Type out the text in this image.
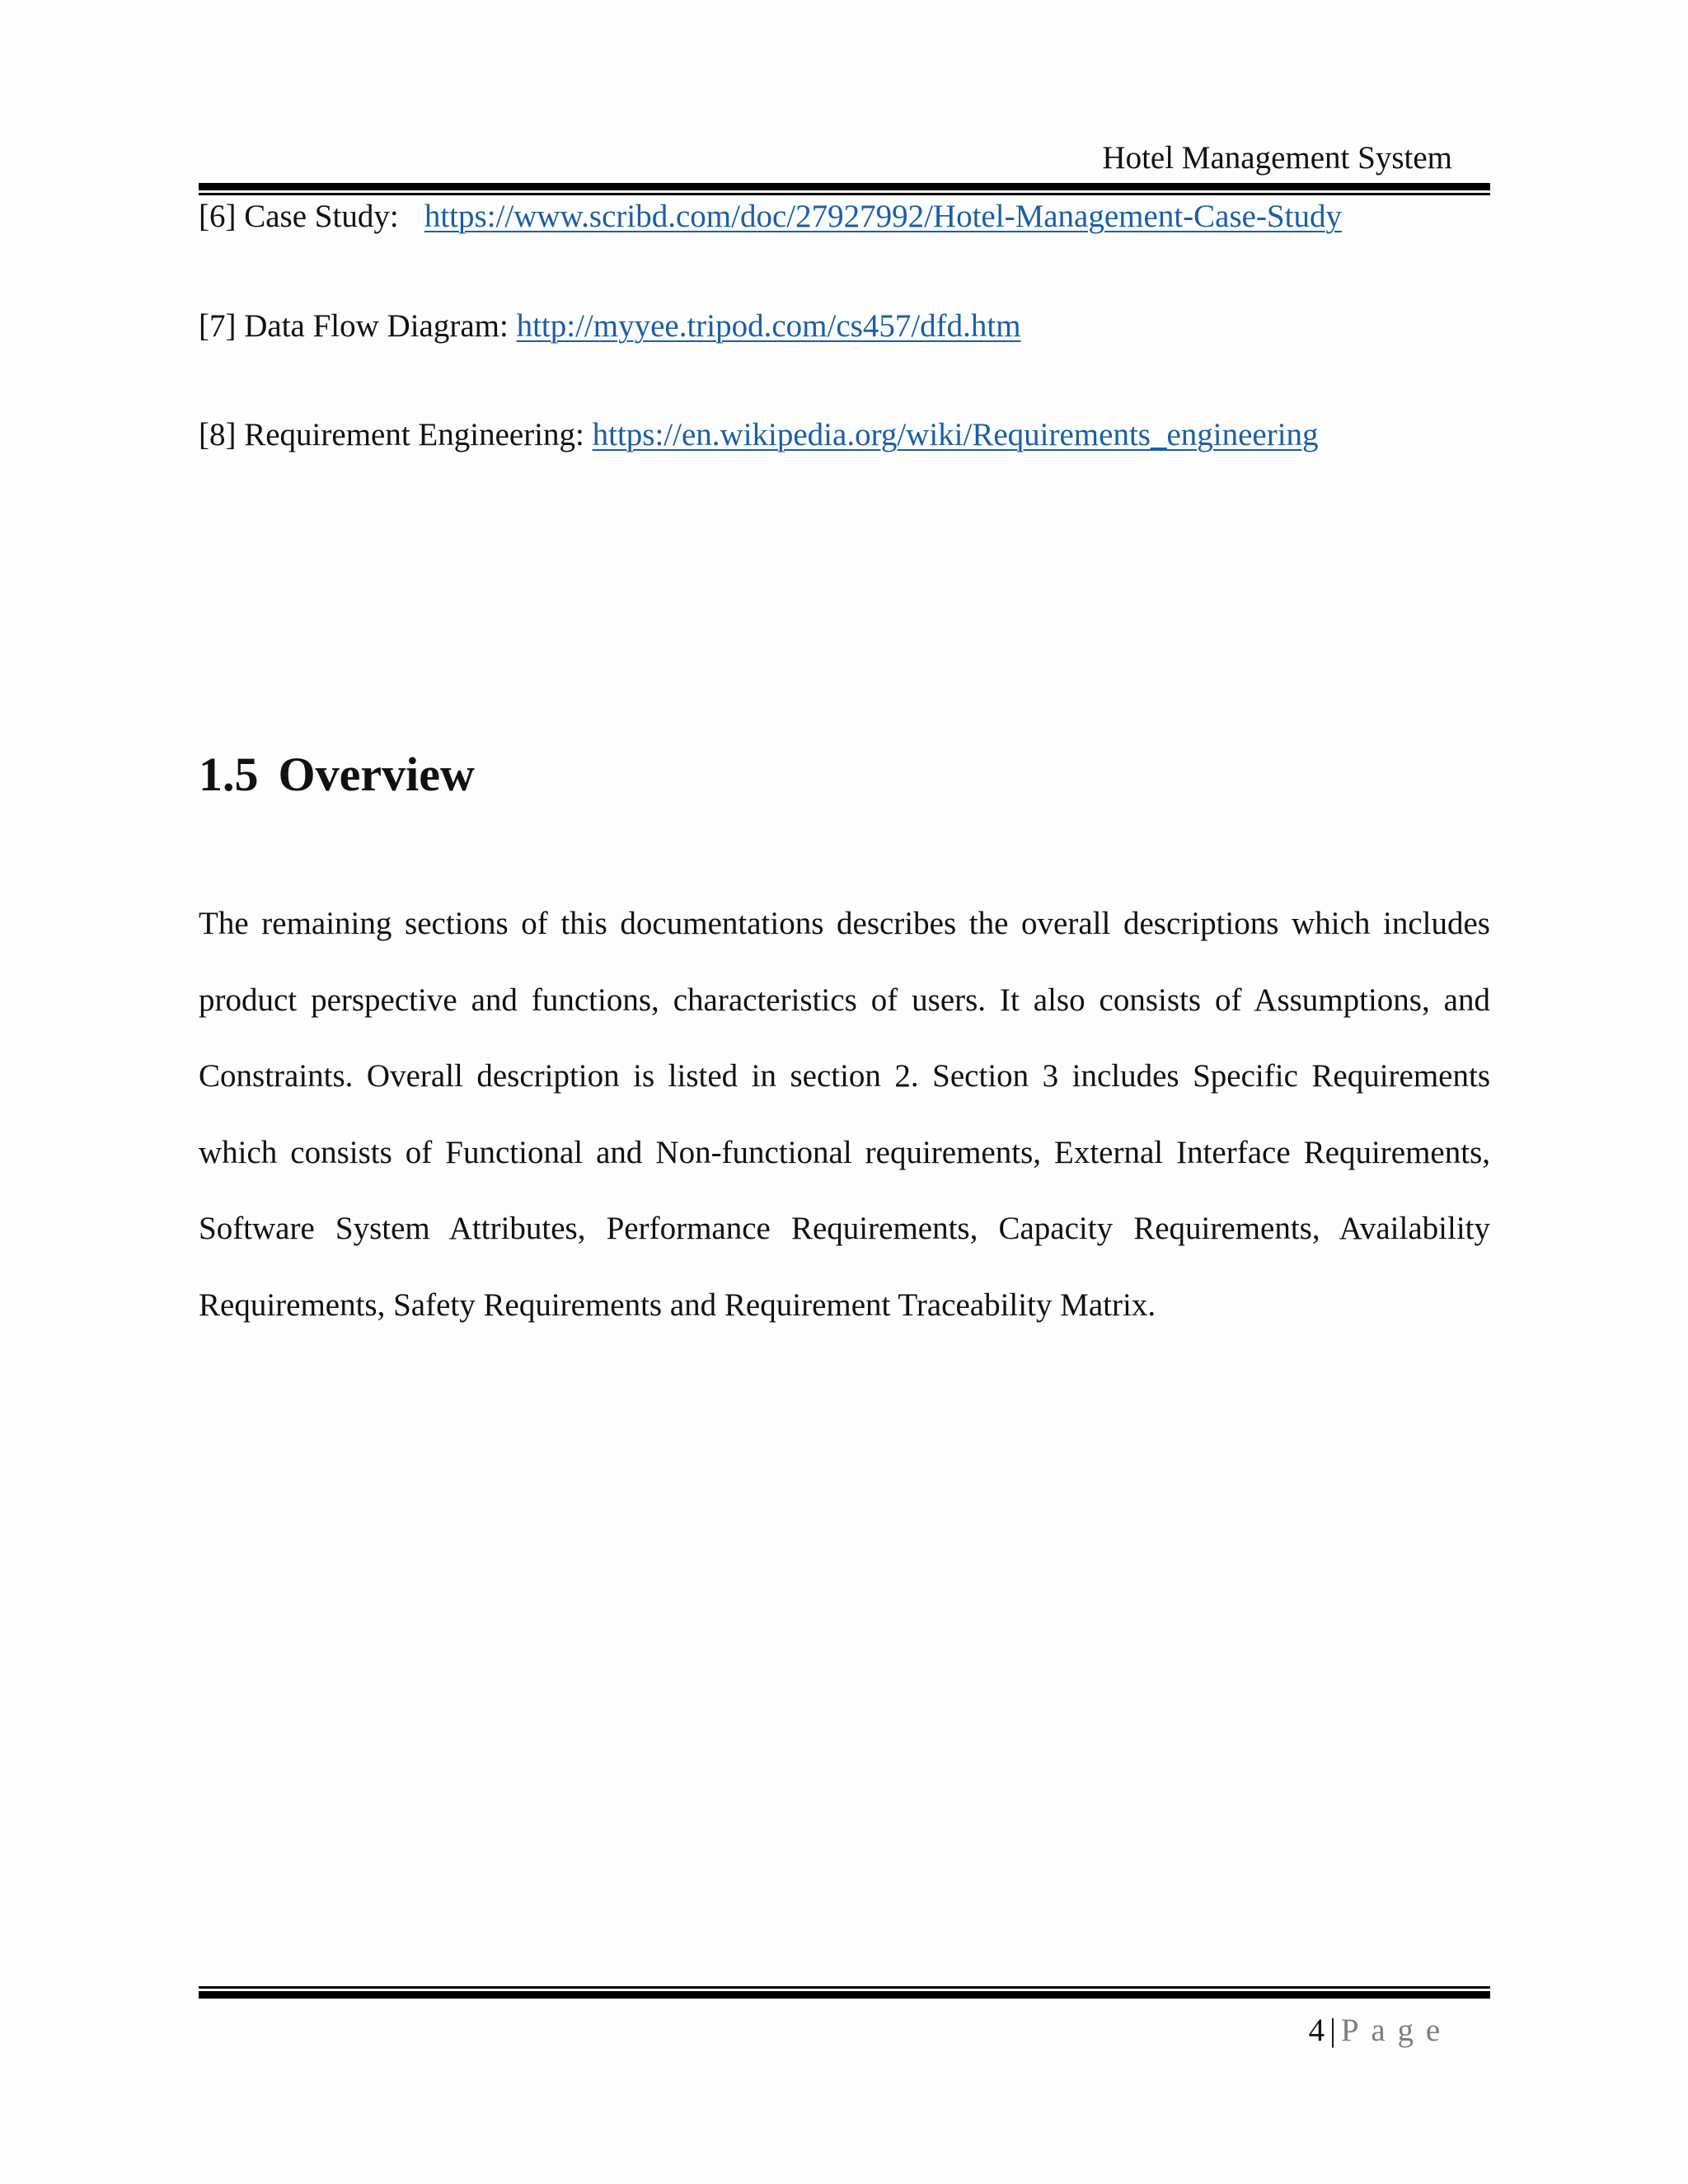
Hotel Management System
[6] Case Study: https://www.scribd.com/doc/27927992/Hotel-Management-Case-Study
[7] Data Flow Diagram: http://myyee.tripod.com/cs457/dfd.htm
[8] Requirement Engineering: https://en.wikipedia.org/wiki/Requirements_engineering
1.5 Overview
The remaining sections of this documentations describes the overall descriptions which includes product perspective and functions, characteristics of users. It also consists of Assumptions, and Constraints. Overall description is listed in section 2. Section 3 includes Specific Requirements which consists of Functional and Non-functional requirements, External Interface Requirements, Software System Attributes, Performance Requirements, Capacity Requirements, Availability Requirements, Safety Requirements and Requirement Traceability Matrix.
4 | Page
